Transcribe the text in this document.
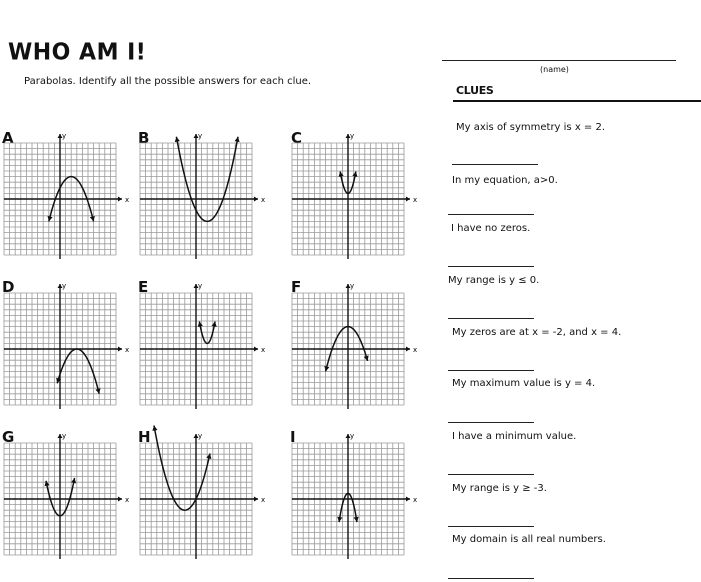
WHO AM I!
Parabolas. Identify all the possible answers for each clue.
(name)
CLUES
My axis of symmetry is x = 2.
In my equation, a>0.
I have no zeros.
My range is y ≤ 0.
My zeros are at x = -2, and x = 4.
My maximum value is y = 4.
I have a minimum value.
My range is y ≥ -3.
My domain is all real numbers.
A	B	C
D	E	F
G	H	I
x
y
x
y
x
y
x
y
x
y
x
y
x
y
x
y
x
y
